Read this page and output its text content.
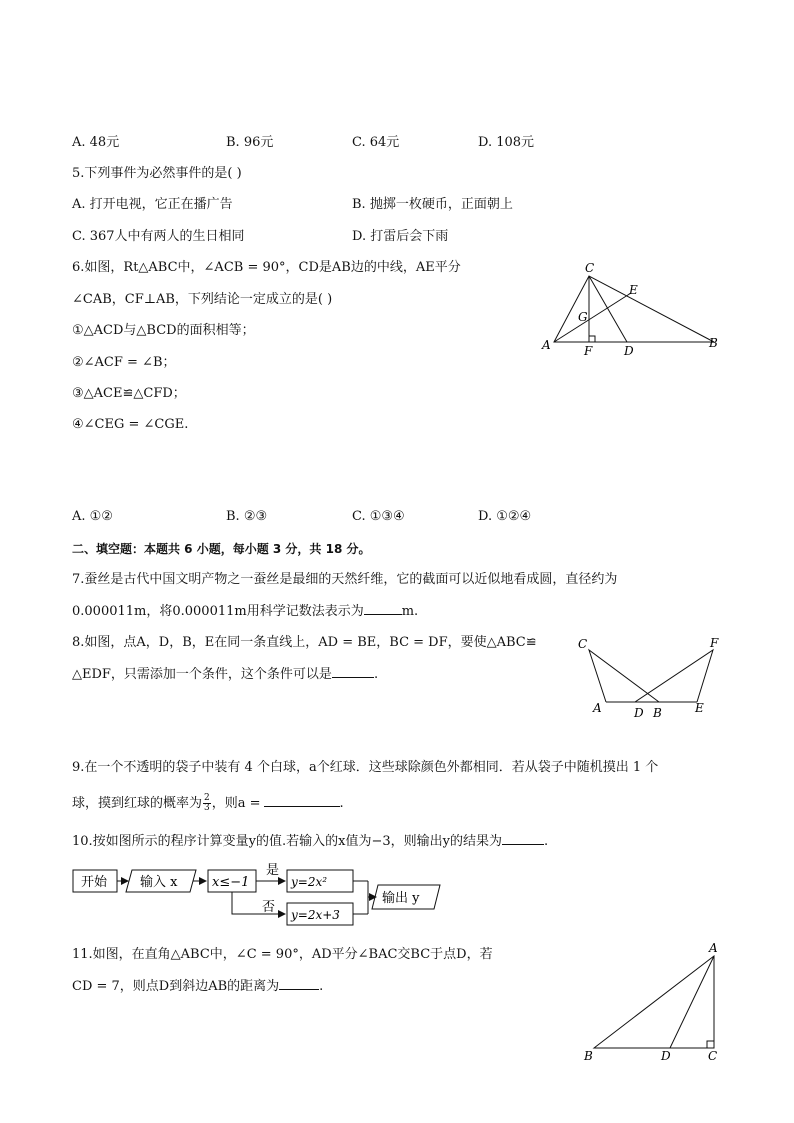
A. 48元	B. 96元	C. 64元	D. 108元
5.下列事件为必然事件的是( )
A. 打开电视，它正在播广告	B. 抛掷一枚硬币，正面朝上
C. 367人中有两人的生日相同	D. 打雷后会下雨
6.如图，Rt△ABC中，∠ACB = 90°，CD是AB边的中线，AE平分
∠CAB，CF⊥AB，下列结论一定成立的是( )
①△ACD与△BCD的面积相等；
②∠ACF = ∠B；
③△ACE≌△CFD；
④∠CEG = ∠CGE.
A. ①②	B. ②③	C. ①③④	D. ①②④
C
E
G
A	F	D
B
二、填空题：本题共 6 小题，每小题 3 分，共 18 分。
7.蚕丝是古代中国文明产物之一蚕丝是最细的天然纤维，它的截面可以近似地看成圆，直径约为
0.000011m，将0.000011m用科学记数法表示为	m.
8.如图，点A，D，B，E在同一条直线上，AD = BE，BC = DF，要使△ABC≌
△EDF，只需添加一个条件，这个条件可以是	.
C	F
A	D B	E
9.在一个不透明的袋子中装有 4 个白球，a个红球．这些球除颜色外都相同．若从袋子中随机摸出 1 个
球，摸到红球的概率为 $\frac{2}{3}$ ，则a =	.
10.按如图所示的程序计算变量y的值.若输入的x值为−3，则输出y的结果为	.
开始	输入 x	x≤−1
是
否
y=2x²
y=2x+3
输出 y
11.如图，在直角△ABC中，∠C = 90°，AD平分∠BAC交BC于点D，若
CD = 7，则点D到斜边AB的距离为	.
A
B	D	C
